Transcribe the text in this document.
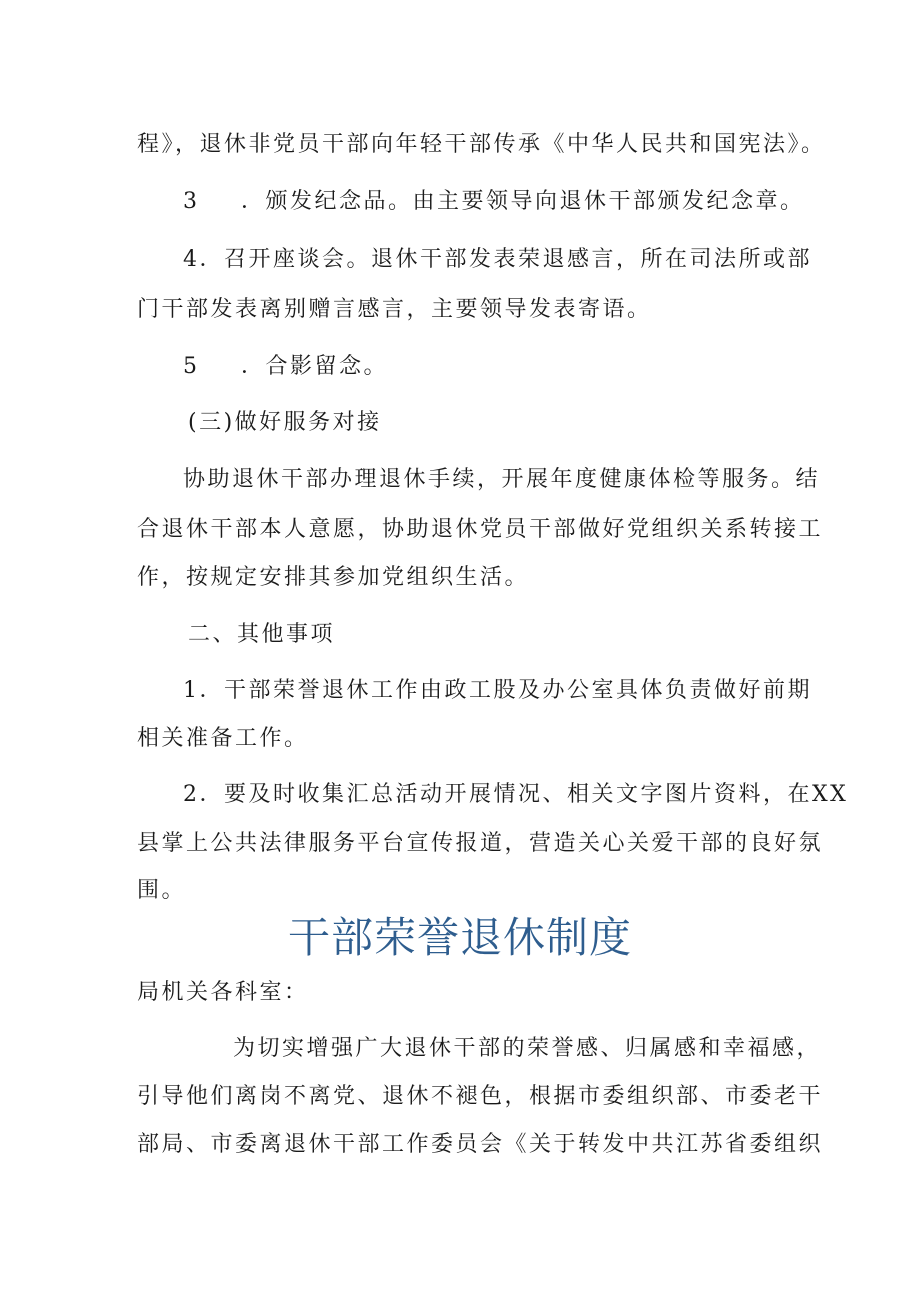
程》，退休非党员干部向年轻干部传承《中华人民共和国宪法》。
3 ．颁发纪念品。由主要领导向退休干部颁发纪念章。
4．召开座谈会。退休干部发表荣退感言，所在司法所或部
门干部发表离别赠言感言，主要领导发表寄语。
5 ．合影留念。
(三)做好服务对接
协助退休干部办理退休手续，开展年度健康体检等服务。结
合退休干部本人意愿，协助退休党员干部做好党组织关系转接工
作，按规定安排其参加党组织生活。
二、其他事项
1．干部荣誉退休工作由政工股及办公室具体负责做好前期
相关准备工作。
2．要及时收集汇总活动开展情况、相关文字图片资料，在XX
县掌上公共法律服务平台宣传报道，营造关心关爱干部的良好氛
围。
干部荣誉退休制度
局机关各科室：
为切实增强广大退休干部的荣誉感、归属感和幸福感，
引导他们离岗不离党、退休不褪色，根据市委组织部、市委老干
部局、市委离退休干部工作委员会《关于转发中共江苏省委组织
